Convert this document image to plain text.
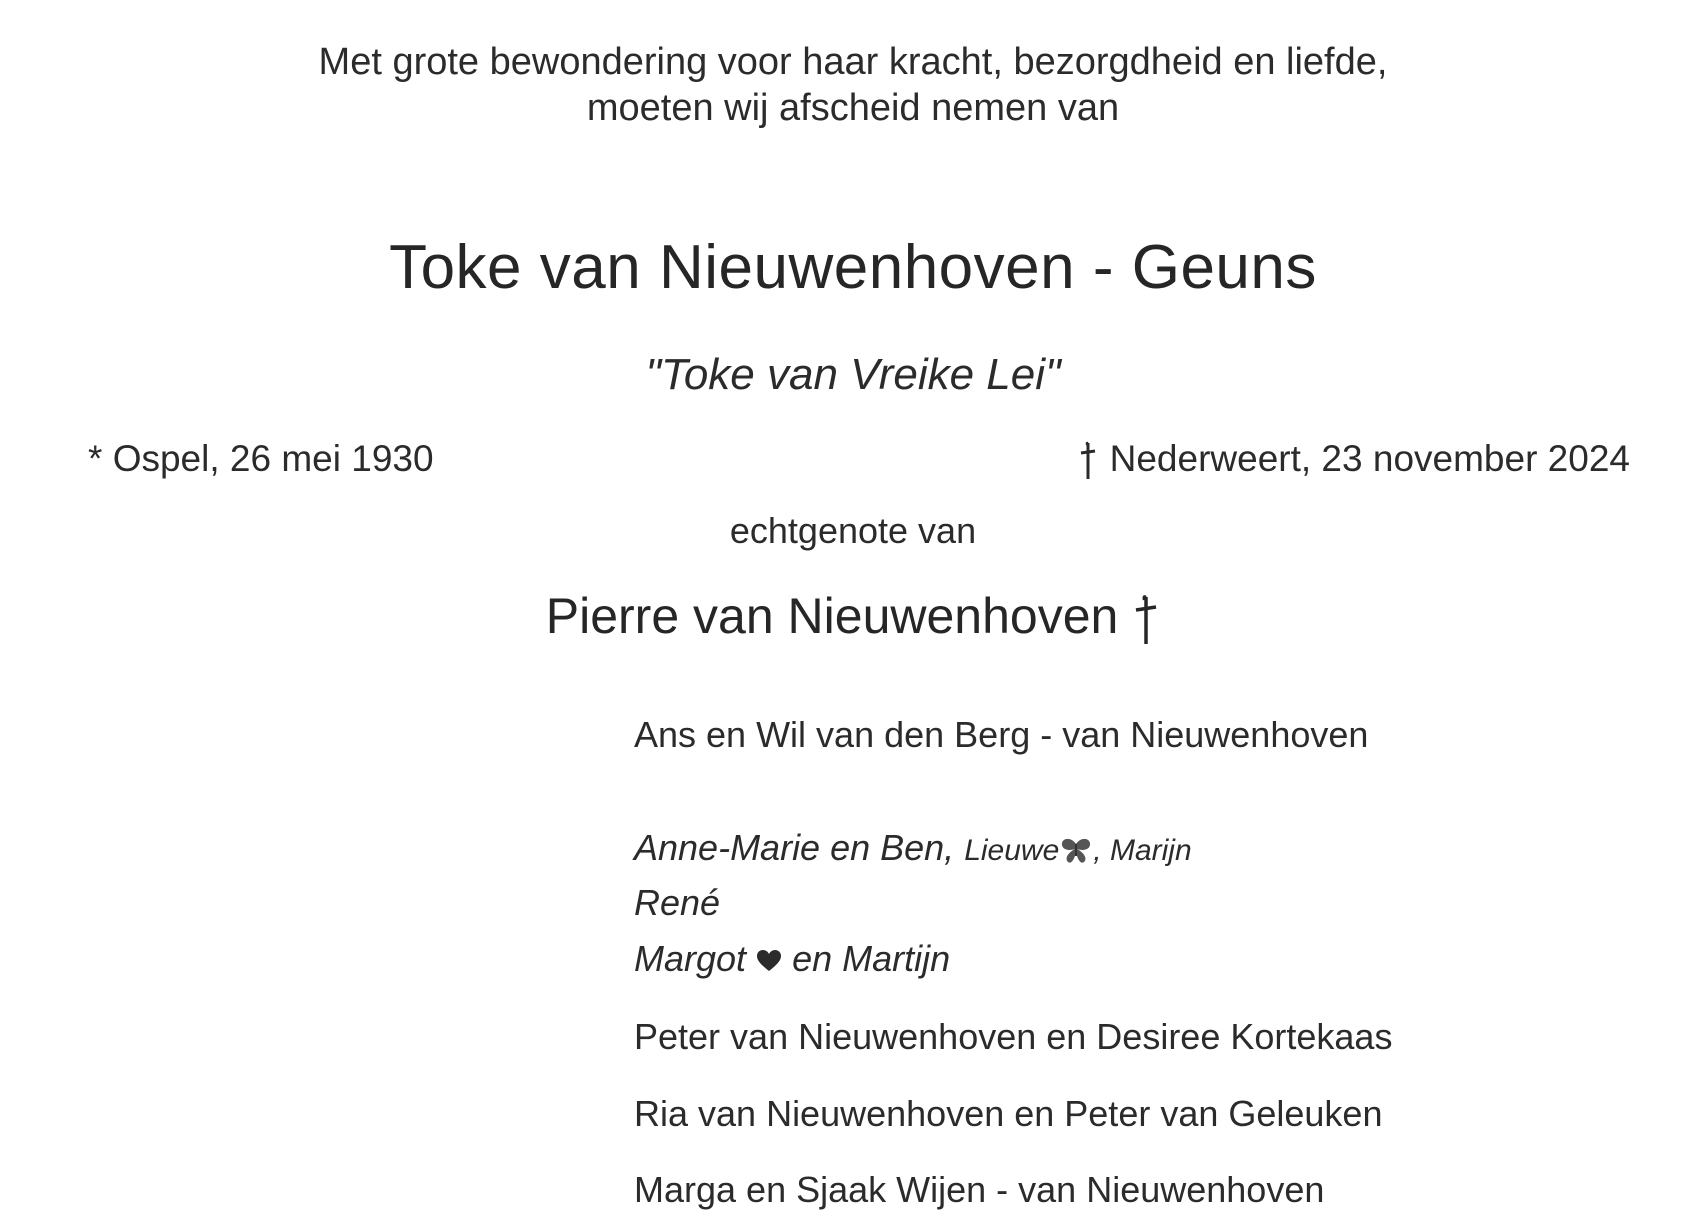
Met grote bewondering voor haar kracht, bezorgdheid en liefde,
moeten wij afscheid nemen van
Toke van Nieuwenhoven - Geuns
"Toke van Vreike Lei"
* Ospel, 26 mei 1930	Nederweert, 23 november 2024
echtgenote van
Pierre van Nieuwenhoven
Ans en Wil van den Berg - van Nieuwenhoven
Anne-Marie en Ben, Lieuwe , Marijn
René
Margot en Martijn
Peter van Nieuwenhoven en Desiree Kortekaas
Ria van Nieuwenhoven en Peter van Geleuken
Marga en Sjaak Wijen - van Nieuwenhoven
